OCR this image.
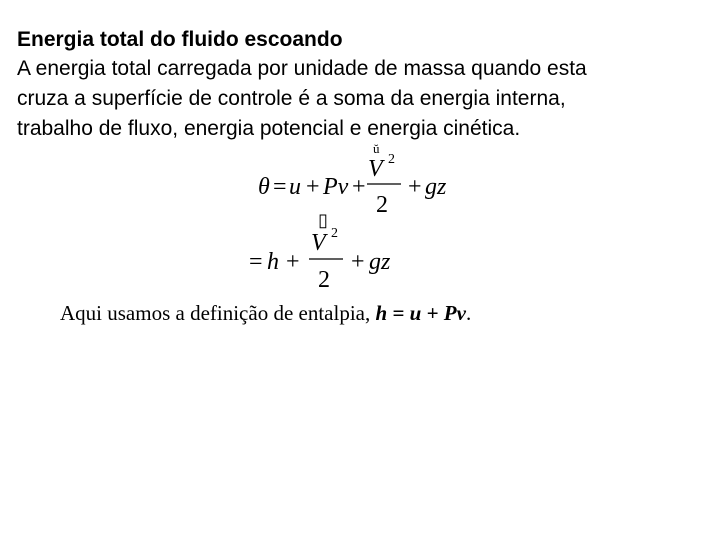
Energia total do fluido escoando

A energia total carregada por unidade de massa quando esta
cruza a superfície de controle é a soma da energia interna,
trabalho de fluxo, energia potencial e energia cinética.

ŭ
θ = u + Pv +
V 2
2
+ gz
▯
= h +
V 2
2
+ gz

Aqui usamos a definição de entalpia, h = u + Pv.
